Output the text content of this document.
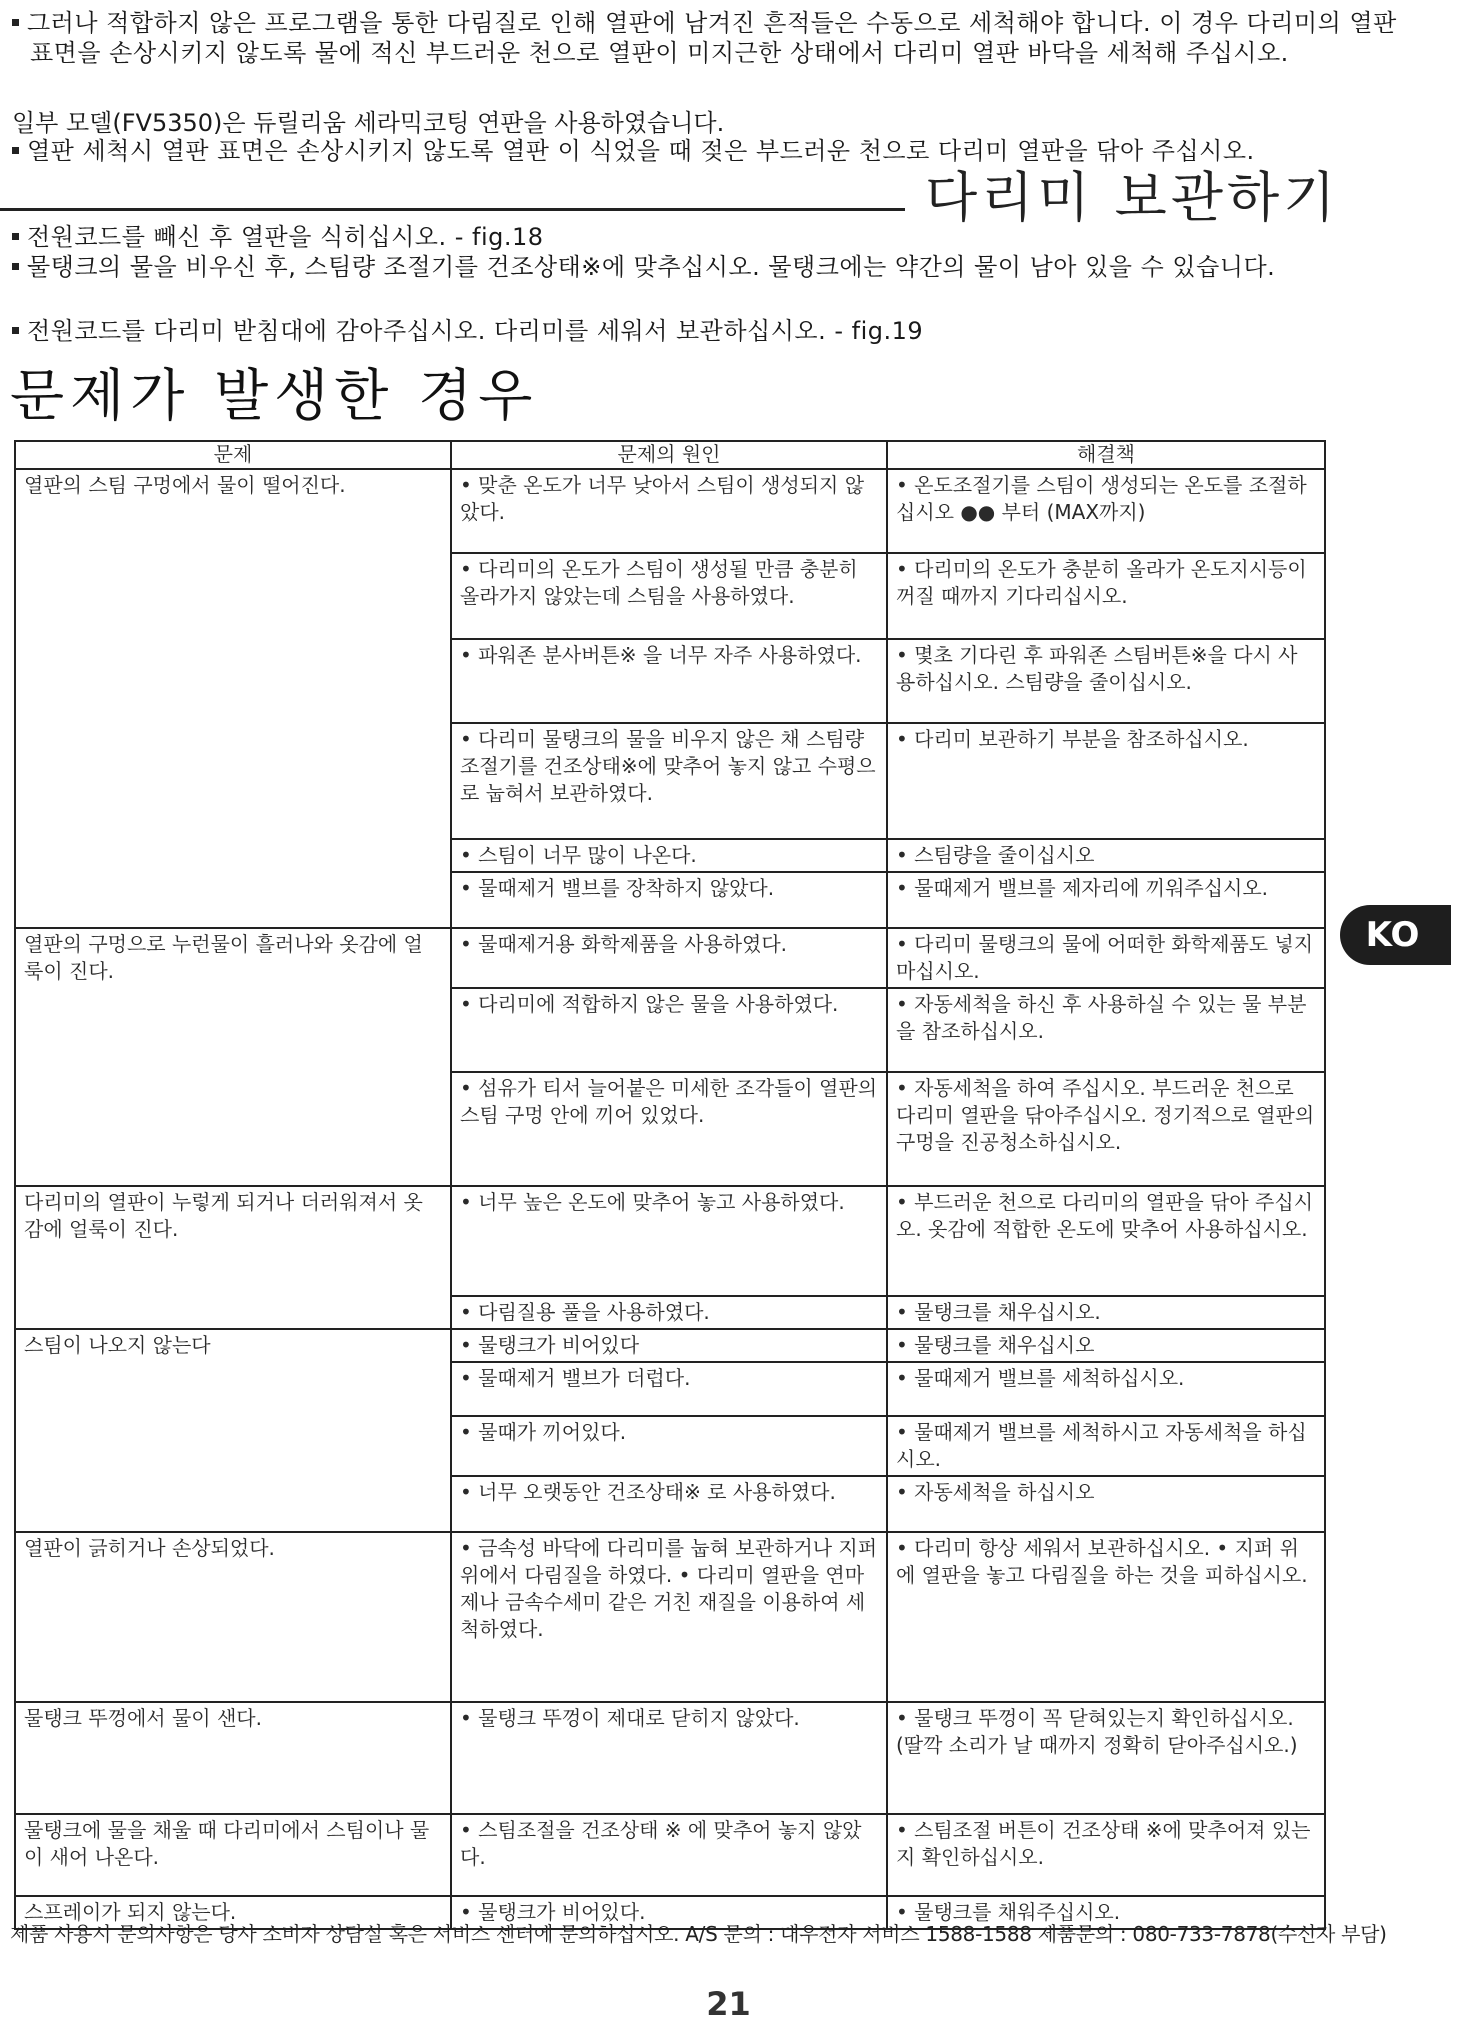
그러나 적합하지 않은 프로그램을 통한 다림질로 인해 열판에 남겨진 흔적들은 수동으로 세척해야 합니다. 이 경우 다리미의 열판 표면을 손상시키지 않도록 물에 적신 부드러운 천으로 열판이 미지근한 상태에서 다리미 열판 바닥을 세척해 주십시오.
일부 모델(FV5350)은 듀릴리움 세라믹코팅 연판을 사용하였습니다.
열판 세척시 열판 표면은 손상시키지 않도록 열판 이 식었을 때 젖은 부드러운 천으로 다리미 열판을 닦아 주십시오.
다리미 보관하기
전원코드를 빼신 후 열판을 식히십시오. - fig.18
물탱크의 물을 비우신 후, 스팀량 조절기를 건조상태※에 맞추십시오. 물탱크에는 약간의 물이 남아 있을 수 있습니다.
전원코드를 다리미 받침대에 감아주십시오. 다리미를 세워서 보관하십시오. - fig.19
문제가 발생한 경우
문제	문제의 원인	해결책
열판의 스팀 구멍에서 물이 떨어진다.	• 맞춘 온도가 너무 낮아서 스팀이 생성되지 않았다.	• 온도조절기를 스팀이 생성되는 온도를 조절하십시오 ●● 부터 (MAX까지)
	• 다리미의 온도가 스팀이 생성될 만큼 충분히 올라가지 않았는데 스팀을 사용하였다.	• 다리미의 온도가 충분히 올라가 온도지시등이 꺼질 때까지 기다리십시오.
	• 파워존 분사버튼※ 을 너무 자주 사용하였다.	• 몇초 기다린 후 파워존 스팀버튼※을 다시 사용하십시오. 스팀량을 줄이십시오.
	• 다리미 물탱크의 물을 비우지 않은 채 스팀량 조절기를 건조상태※에 맞추어 놓지 않고 수평으로 눕혀서 보관하였다.	• 다리미 보관하기 부분을 참조하십시오.
	• 스팀이 너무 많이 나온다.	• 스팀량을 줄이십시오
	• 물때제거 밸브를 장착하지 않았다.	• 물때제거 밸브를 제자리에 끼워주십시오.
열판의 구멍으로 누런물이 흘러나와 옷감에 얼룩이 진다.	• 물때제거용 화학제품을 사용하였다.	• 다리미 물탱크의 물에 어떠한 화학제품도 넣지 마십시오.
	• 다리미에 적합하지 않은 물을 사용하였다.	• 자동세척을 하신 후 사용하실 수 있는 물 부분을 참조하십시오.
	• 섬유가 티서 늘어붙은 미세한 조각들이 열판의 스팀 구멍 안에 끼어 있었다.	• 자동세척을 하여 주십시오. 부드러운 천으로 다리미 열판을 닦아주십시오. 정기적으로 열판의 구멍을 진공청소하십시오.
다리미의 열판이 누렇게 되거나 더러워져서 옷감에 얼룩이 진다.	• 너무 높은 온도에 맞추어 놓고 사용하였다.	• 부드러운 천으로 다리미의 열판을 닦아 주십시오. 옷감에 적합한 온도에 맞추어 사용하십시오.
	• 다림질용 풀을 사용하였다.	• 물탱크를 채우십시오.
스팀이 나오지 않는다	• 물탱크가 비어있다	• 물탱크를 채우십시오
	• 물때제거 밸브가 더럽다.	• 물때제거 밸브를 세척하십시오.
	• 물때가 끼어있다.	• 물때제거 밸브를 세척하시고 자동세척을 하십시오.
	• 너무 오랫동안 건조상태※ 로 사용하였다.	• 자동세척을 하십시오
열판이 긁히거나 손상되었다.	• 금속성 바닥에 다리미를 눕혀 보관하거나 지퍼 위에서 다림질을 하였다. • 다리미 열판을 연마제나 금속수세미 같은 거친 재질을 이용하여 세척하였다.	• 다리미 항상 세워서 보관하십시오. • 지퍼 위에 열판을 놓고 다림질을 하는 것을 피하십시오.
물탱크 뚜껑에서 물이 샌다.	• 물탱크 뚜껑이 제대로 닫히지 않았다.	• 물탱크 뚜껑이 꼭 닫혀있는지 확인하십시오. (딸깍 소리가 날 때까지 정확히 닫아주십시오.)
물탱크에 물을 채울 때 다리미에서 스팀이나 물이 새어 나온다.	• 스팀조절을 건조상태 ※ 에 맞추어 놓지 않았다.	• 스팀조절 버튼이 건조상태 ※에 맞추어져 있는지 확인하십시오.
스프레이가 되지 않는다.	• 물탱크가 비어있다.	• 물탱크를 채워주십시오.
KO
제품 사용시 문의사항은 당사 소비자 상담실 혹은 서비스 센터에 문의하십시오. A/S 문의 : 대우전자 서비스 1588-1588 제품문의 : 080-733-7878(수신자 부담)
21
